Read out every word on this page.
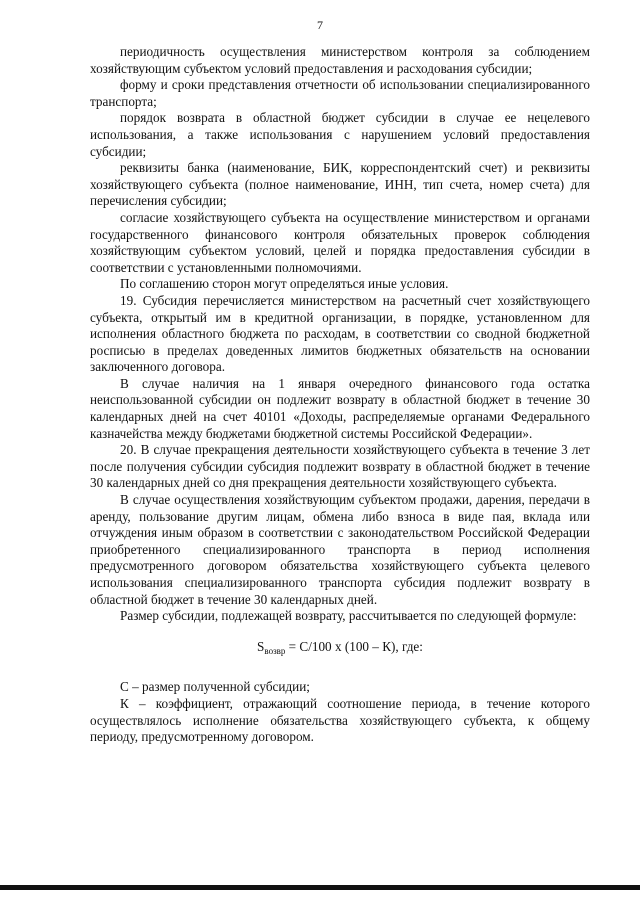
7

периодичность осуществления министерством контроля за соблюдением хозяйствующим субъектом условий предоставления и расходования субсидии;

форму и сроки представления отчетности об использовании специализированного транспорта;

порядок возврата в областной бюджет субсидии в случае ее нецелевого использования, а также использования с нарушением условий предоставления субсидии;

реквизиты банка (наименование, БИК, корреспондентский счет) и реквизиты хозяйствующего субъекта (полное наименование, ИНН, тип счета, номер счета) для перечисления субсидии;

согласие хозяйствующего субъекта на осуществление министерством и органами государственного финансового контроля обязательных проверок соблюдения хозяйствующим субъектом условий, целей и порядка предоставления субсидии в соответствии с установленными полномочиями.

По соглашению сторон могут определяться иные условия.

19. Субсидия перечисляется министерством на расчетный счет хозяйствующего субъекта, открытый им в кредитной организации, в порядке, установленном для исполнения областного бюджета по расходам, в соответствии со сводной бюджетной росписью в пределах доведенных лимитов бюджетных обязательств на основании заключенного договора.

В случае наличия на 1 января очередного финансового года остатка неиспользованной субсидии он подлежит возврату в областной бюджет в течение 30 календарных дней на счет 40101 «Доходы, распределяемые органами Федерального казначейства между бюджетами бюджетной системы Российской Федерации».

20. В случае прекращения деятельности хозяйствующего субъекта в течение 3 лет после получения субсидии субсидия подлежит возврату в областной бюджет в течение 30 календарных дней со дня прекращения деятельности хозяйствующего субъекта.

В случае осуществления хозяйствующим субъектом продажи, дарения, передачи в аренду, пользование другим лицам, обмена либо взноса в виде пая, вклада или отчуждения иным образом в соответствии с законодательством Российской Федерации приобретенного специализированного транспорта в период исполнения предусмотренного договором обязательства хозяйствующего субъекта целевого использования специализированного транспорта субсидия подлежит возврату в областной бюджет в течение 30 календарных дней.

Размер субсидии, подлежащей возврату, рассчитывается по следующей формуле:

$S_{возвр} = С/100$ x (100 – К), где:

С – размер полученной субсидии;

К – коэффициент, отражающий соотношение периода, в течение которого осуществлялось исполнение обязательства хозяйствующего субъекта, к общему периоду, предусмотренному договором.
